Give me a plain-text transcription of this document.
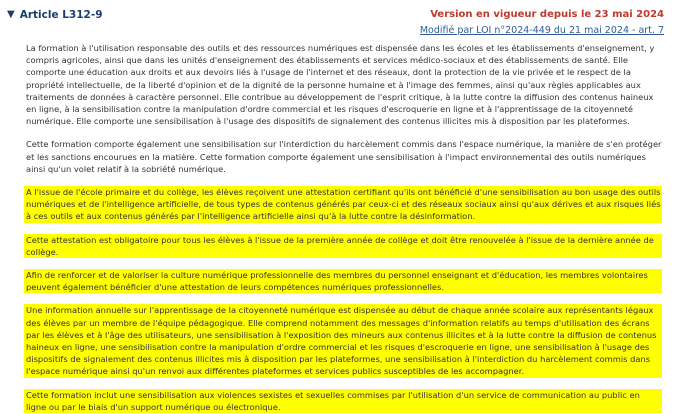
▼ Article L312-9	Version en vigueur depuis le 23 mai 2024
Modifié par LOI n°2024-449 du 21 mai 2024 - art. 7

La formation à l'utilisation responsable des outils et des ressources numériques est dispensée dans les écoles et les établissements d'enseignement, y compris agricoles, ainsi que dans les unités d'enseignement des établissements et services médico-sociaux et des établissements de santé. Elle comporte une éducation aux droits et aux devoirs liés à l'usage de l'internet et des réseaux, dont la protection de la vie privée et le respect de la propriété intellectuelle, de la liberté d'opinion et de la dignité de la personne humaine et à l'image des femmes, ainsi qu'aux règles applicables aux traitements de données à caractère personnel. Elle contribue au développement de l'esprit critique, à la lutte contre la diffusion des contenus haineux en ligne, à la sensibilisation contre la manipulation d'ordre commercial et les risques d'escroquerie en ligne et à l'apprentissage de la citoyenneté numérique. Elle comporte une sensibilisation à l'usage des dispositifs de signalement des contenus illicites mis à disposition par les plateformes.

Cette formation comporte également une sensibilisation sur l'interdiction du harcèlement commis dans l'espace numérique, la manière de s'en protéger et les sanctions encourues en la matière. Cette formation comporte également une sensibilisation à l'impact environnemental des outils numériques ainsi qu'un volet relatif à la sobriété numérique.

A l'issue de l'école primaire et du collège, les élèves reçoivent une attestation certifiant qu'ils ont bénéficié d'une sensibilisation au bon usage des outils numériques et de l'intelligence artificielle, de tous types de contenus générés par ceux-ci et des réseaux sociaux ainsi qu'aux dérives et aux risques liés à ces outils et aux contenus générés par l'intelligence artificielle ainsi qu'à la lutte contre la désinformation.

Cette attestation est obligatoire pour tous les élèves à l'issue de la première année de collège et doit être renouvelée à l'issue de la dernière année de collège.

Afin de renforcer et de valoriser la culture numérique professionnelle des membres du personnel enseignant et d'éducation, les membres volontaires peuvent également bénéficier d'une attestation de leurs compétences numériques professionnelles.

Une information annuelle sur l'apprentissage de la citoyenneté numérique est dispensée au début de chaque année scolaire aux représentants légaux des élèves par un membre de l'équipe pédagogique. Elle comprend notamment des messages d'information relatifs au temps d'utilisation des écrans par les élèves et à l'âge des utilisateurs, une sensibilisation à l'exposition des mineurs aux contenus illicites et à la lutte contre la diffusion de contenus haineux en ligne, une sensibilisation contre la manipulation d'ordre commercial et les risques d'escroquerie en ligne, une sensibilisation à l'usage des dispositifs de signalement des contenus illicites mis à disposition par les plateformes, une sensibilisation à l'interdiction du harcèlement commis dans l'espace numérique ainsi qu'un renvoi aux différentes plateformes et services publics susceptibles de les accompagner.

Cette formation inclut une sensibilisation aux violences sexistes et sexuelles commises par l'utilisation d'un service de communication au public en ligne ou par le biais d'un support numérique ou électronique.
